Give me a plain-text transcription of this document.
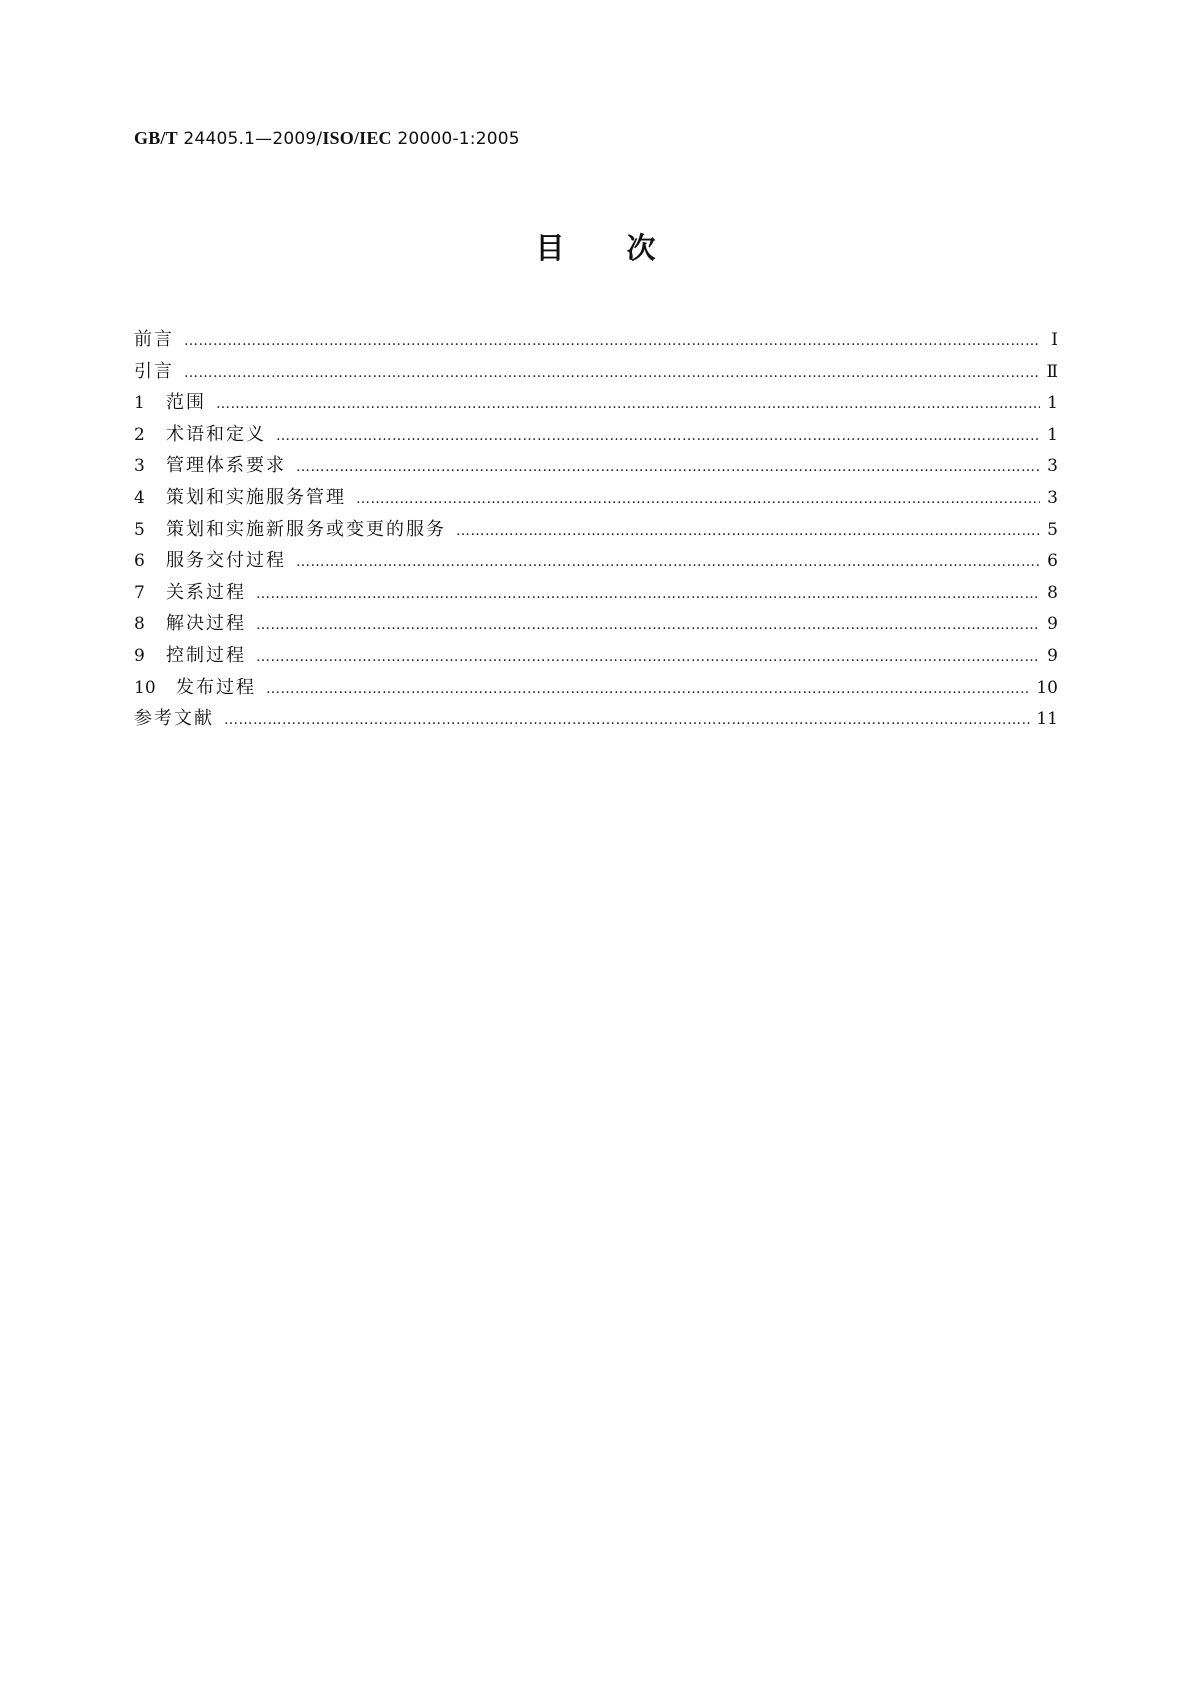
GB/T 24405.1—2009/ISO/IEC 20000-1:2005
目次
前言 ……………………………………………………………………………………………………………………………………………………………………………………………………	Ⅰ
引言 ……………………………………………………………………………………………………………………………………………………………………………………………………	Ⅱ
1	范围 ……………………………………………………………………………………………………………………………………………………………………………………………………	1
2	术语和定义 ……………………………………………………………………………………………………………………………………………………………………………………………………	1
3	管理体系要求 ……………………………………………………………………………………………………………………………………………………………………………………………………	3
4	策划和实施服务管理 ……………………………………………………………………………………………………………………………………………………………………………………………………	3
5	策划和实施新服务或变更的服务 ……………………………………………………………………………………………………………………………………………………………………………………………………	5
6	服务交付过程 ……………………………………………………………………………………………………………………………………………………………………………………………………	6
7	关系过程 ……………………………………………………………………………………………………………………………………………………………………………………………………	8
8	解决过程 ……………………………………………………………………………………………………………………………………………………………………………………………………	9
9	控制过程 ……………………………………………………………………………………………………………………………………………………………………………………………………	9
10	发布过程 ……………………………………………………………………………………………………………………………………………………………………………………………………	10
参考文献 ……………………………………………………………………………………………………………………………………………………………………………………………………	11
